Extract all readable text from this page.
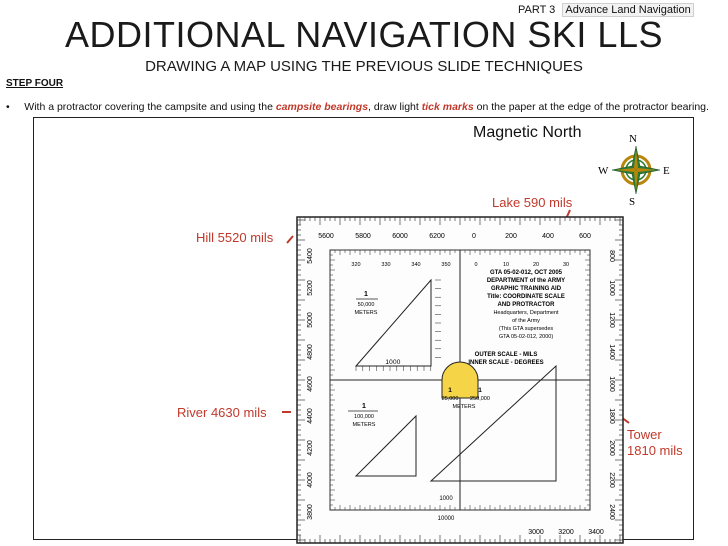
PART 3 Advance Land Navigation
ADDITIONAL NAVIGATION SKI LLS
DRAWING A MAP USING THE PREVIOUS SLIDE TECHNIQUES
STEP FOUR
• With a protractor covering the campsite and using the campsite bearings, draw light tick marks on the paper at the edge of the protractor bearing.
Magnetic North	N
E
S
W
Lake 590 mils
Hill 5520 mils
River 4630 mils
Tower
1810 mils
5600	5800	6000	6200	0	200	400	600
320	330	340	350	0	10	20	30
800
1000
1200
1400
1600
1800
2000
2200
2400
5400
5200
5000
4800
4600
4400
4200
4000
3800
3000 3200 3400
1
50,000
METERS
1000
1
100,000
METERS
1
25,000
1
250,000
METERS
GTA 05-02-012, OCT 2005
DEPARTMENT of the ARMY
GRAPHIC TRAINING AID
Title: COORDINATE SCALE
AND PROTRACTOR
Headquarters, Department
of the Army
(This GTA supersedes
GTA 05-02-012, 2000)
OUTER SCALE - MILS
INNER SCALE - DEGREES
1000
10000
